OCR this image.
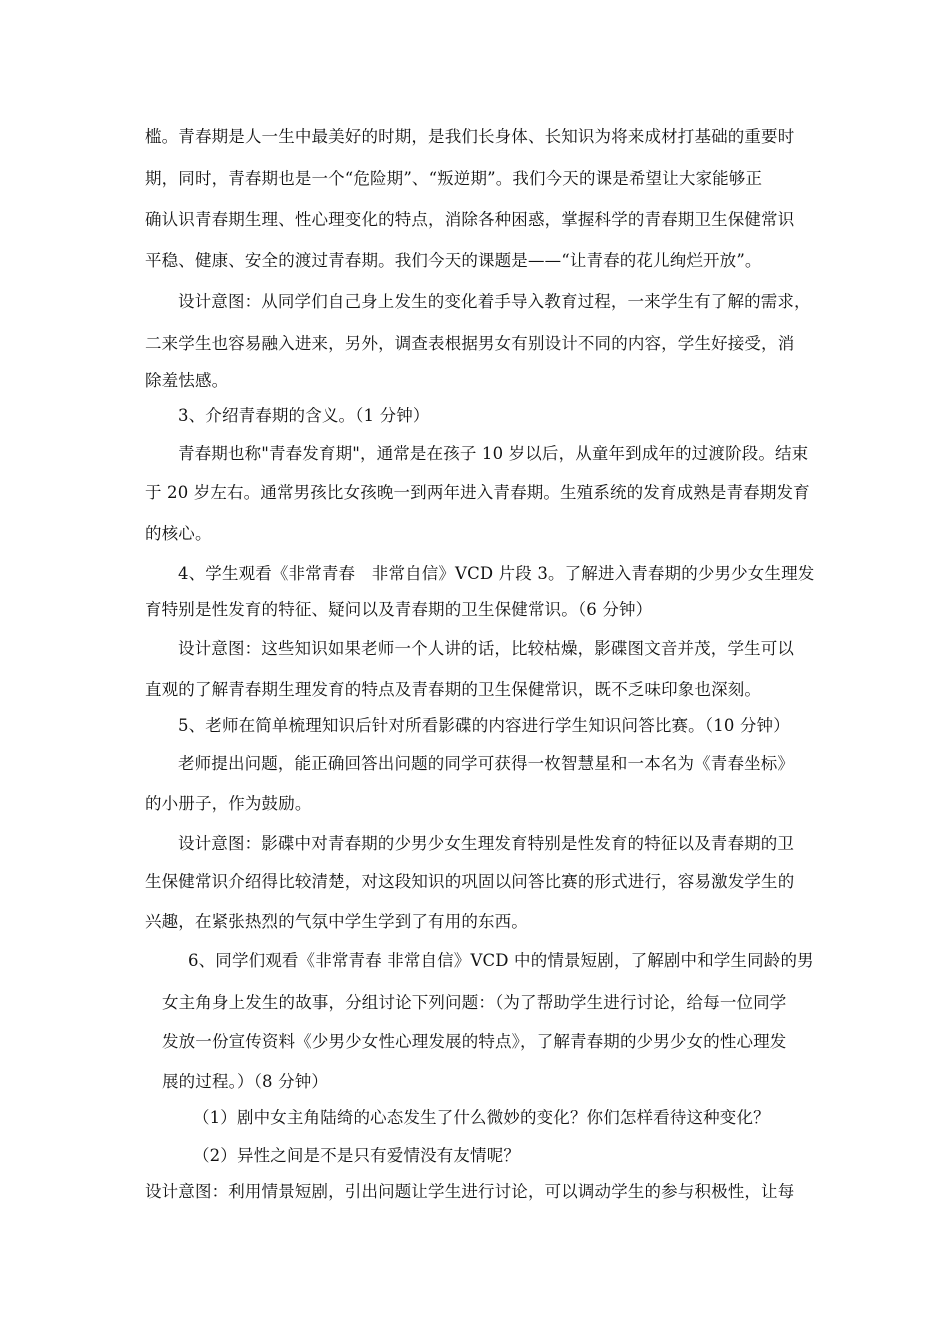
槛。青春期是人一生中最美好的时期，是我们长身体、长知识为将来成材打基础的重要时
期，同时，青春期也是一个“危险期”、“叛逆期”。我们今天的课是希望让大家能够正
确认识青春期生理、性心理变化的特点，消除各种困惑，掌握科学的青春期卫生保健常识
平稳、健康、安全的渡过青春期。我们今天的课题是——“让青春的花儿绚烂开放”。
设计意图：从同学们自己身上发生的变化着手导入教育过程，一来学生有了解的需求，
二来学生也容易融入进来，另外，调查表根据男女有别设计不同的内容，学生好接受，消
除羞怯感。
3、介绍青春期的含义。（1 分钟）
青春期也称"青春发育期"，通常是在孩子 10 岁以后，从童年到成年的过渡阶段。结束
于 20 岁左右。通常男孩比女孩晚一到两年进入青春期。生殖系统的发育成熟是青春期发育
的核心。
4、学生观看《非常青春　非常自信》VCD 片段 3。了解进入青春期的少男少女生理发
育特别是性发育的特征、疑问以及青春期的卫生保健常识。（6 分钟）
设计意图：这些知识如果老师一个人讲的话，比较枯燥，影碟图文音并茂，学生可以
直观的了解青春期生理发育的特点及青春期的卫生保健常识，既不乏味印象也深刻。
5、老师在简单梳理知识后针对所看影碟的内容进行学生知识问答比赛。（10 分钟）
老师提出问题，能正确回答出问题的同学可获得一枚智慧星和一本名为《青春坐标》
的小册子，作为鼓励。
设计意图：影碟中对青春期的少男少女生理发育特别是性发育的特征以及青春期的卫
生保健常识介绍得比较清楚，对这段知识的巩固以问答比赛的形式进行，容易激发学生的
兴趣，在紧张热烈的气氛中学生学到了有用的东西。
6、同学们观看《非常青春 非常自信》VCD 中的情景短剧，了解剧中和学生同龄的男
女主角身上发生的故事，分组讨论下列问题：（为了帮助学生进行讨论，给每一位同学
发放一份宣传资料《少男少女性心理发展的特点》，了解青春期的少男少女的性心理发
展的过程。）（8 分钟）
（1）剧中女主角陆绮的心态发生了什么微妙的变化？你们怎样看待这种变化？
（2）异性之间是不是只有爱情没有友情呢？
设计意图：利用情景短剧，引出问题让学生进行讨论，可以调动学生的参与积极性，让每
